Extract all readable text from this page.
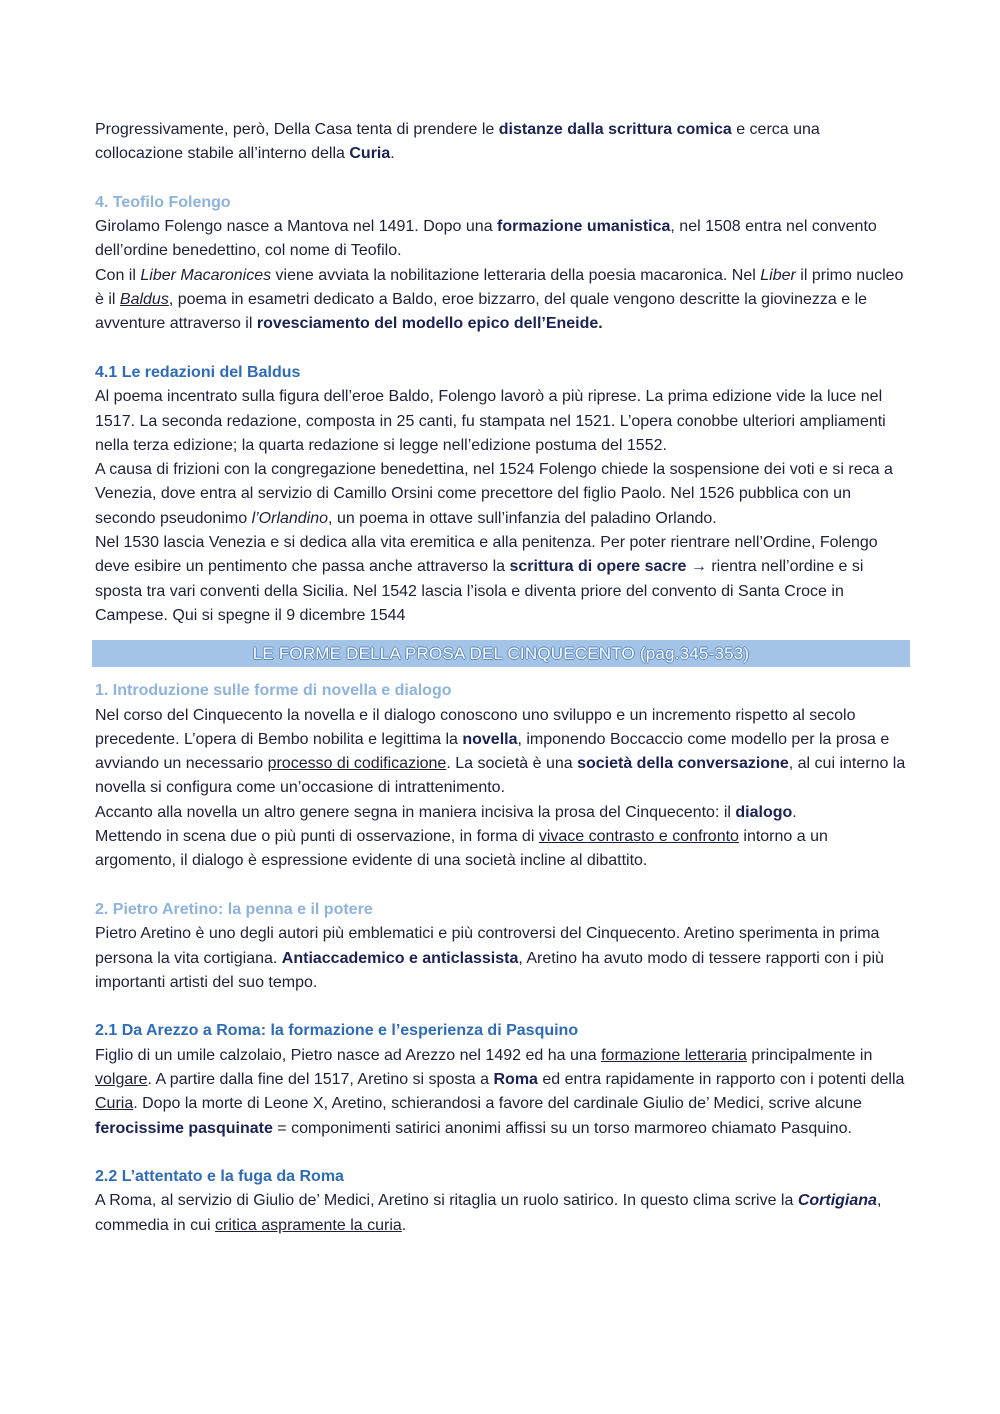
Progressivamente, però, Della Casa tenta di prendere le distanze dalla scrittura comica e cerca una collocazione stabile all’interno della Curia.

4. Teofilo Folengo

Girolamo Folengo nasce a Mantova nel 1491. Dopo una formazione umanistica, nel 1508 entra nel convento dell’ordine benedettino, col nome di Teofilo.

Con il Liber Macaronices viene avviata la nobilitazione letteraria della poesia macaronica. Nel Liber il primo nucleo è il Baldus, poema in esametri dedicato a Baldo, eroe bizzarro, del quale vengono descritte la giovinezza e le avventure attraverso il rovesciamento del modello epico dell’Eneide.

4.1 Le redazioni del Baldus

Al poema incentrato sulla figura dell’eroe Baldo, Folengo lavorò a più riprese. La prima edizione vide la luce nel 1517. La seconda redazione, composta in 25 canti, fu stampata nel 1521. L’opera conobbe ulteriori ampliamenti nella terza edizione; la quarta redazione si legge nell’edizione postuma del 1552.

A causa di frizioni con la congregazione benedettina, nel 1524 Folengo chiede la sospensione dei voti e si reca a Venezia, dove entra al servizio di Camillo Orsini come precettore del figlio Paolo. Nel 1526 pubblica con un secondo pseudonimo l’Orlandino, un poema in ottave sull’infanzia del paladino Orlando.

Nel 1530 lascia Venezia e si dedica alla vita eremitica e alla penitenza. Per poter rientrare nell’Ordine, Folengo deve esibire un pentimento che passa anche attraverso la scrittura di opere sacre → rientra nell’ordine e si sposta tra vari conventi della Sicilia. Nel 1542 lascia l’isola e diventa priore del convento di Santa Croce in Campese. Qui si spegne il 9 dicembre 1544

LE FORME DELLA PROSA DEL CINQUECENTO (pag.345-353)

1. Introduzione sulle forme di novella e dialogo

Nel corso del Cinquecento la novella e il dialogo conoscono uno sviluppo e un incremento rispetto al secolo precedente. L’opera di Bembo nobilita e legittima la novella, imponendo Boccaccio come modello per la prosa e avviando un necessario processo di codificazione. La società è una società della conversazione, al cui interno la novella si configura come un’occasione di intrattenimento.

Accanto alla novella un altro genere segna in maniera incisiva la prosa del Cinquecento: il dialogo.

Mettendo in scena due o più punti di osservazione, in forma di vivace contrasto e confronto intorno a un argomento, il dialogo è espressione evidente di una società incline al dibattito.

2. Pietro Aretino: la penna e il potere

Pietro Aretino è uno degli autori più emblematici e più controversi del Cinquecento. Aretino sperimenta in prima persona la vita cortigiana. Antiaccademico e anticlassista, Aretino ha avuto modo di tessere rapporti con i più importanti artisti del suo tempo.

2.1 Da Arezzo a Roma: la formazione e l’esperienza di Pasquino

Figlio di un umile calzolaio, Pietro nasce ad Arezzo nel 1492 ed ha una formazione letteraria principalmente in volgare. A partire dalla fine del 1517, Aretino si sposta a Roma ed entra rapidamente in rapporto con i potenti della Curia. Dopo la morte di Leone X, Aretino, schierandosi a favore del cardinale Giulio de’ Medici, scrive alcune ferocissime pasquinate = componimenti satirici anonimi affissi su un torso marmoreo chiamato Pasquino.

2.2 L’attentato e la fuga da Roma

A Roma, al servizio di Giulio de’ Medici, Aretino si ritaglia un ruolo satirico. In questo clima scrive la Cortigiana, commedia in cui critica aspramente la curia.
